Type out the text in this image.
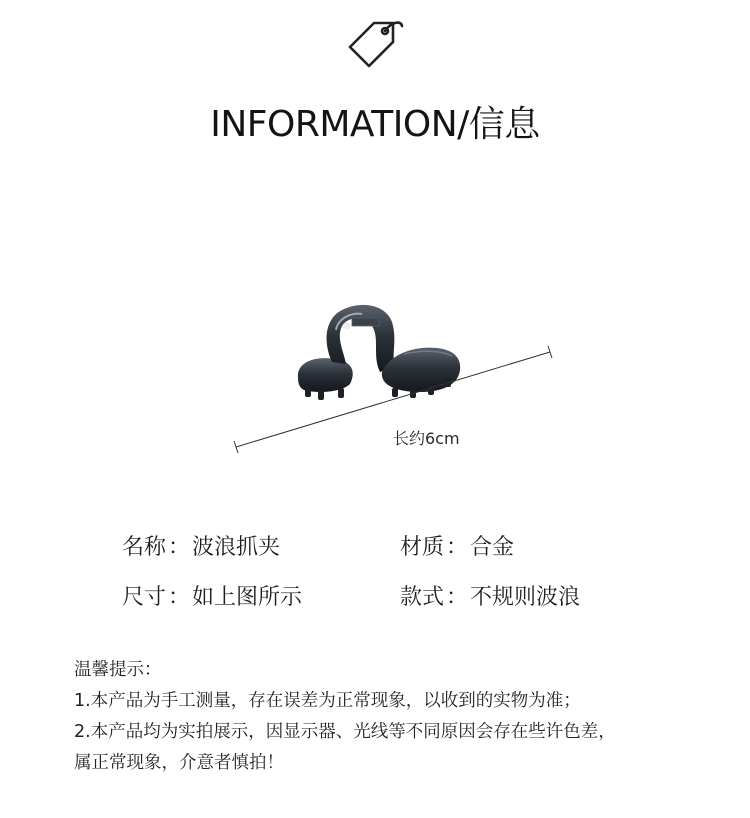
INFORMATION/信息
长约6cm
名称：波浪抓夹	材质：合金
尺寸：如上图所示	款式：不规则波浪
温馨提示：
1.本产品为手工测量，存在误差为正常现象，以收到的实物为准；
2.本产品均为实拍展示，因显示器、光线等不同原因会存在些许色差，
属正常现象，介意者慎拍！
